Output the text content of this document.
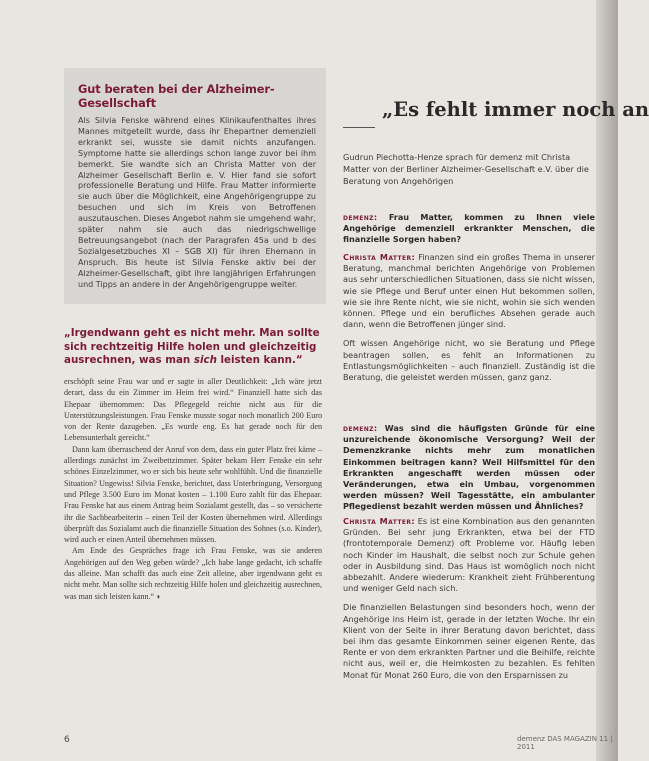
Gut beraten bei der Alzheimer-Gesellschaft

Als Silvia Fenske während eines Klinikaufenthaltes ihres Mannes mitgeteilt wurde, dass ihr Ehepartner demenziell erkrankt sei, wusste sie damit nichts anzufangen. Symptome hatte sie allerdings schon lange zuvor bei ihm bemerkt. Sie wandte sich an Christa Matter von der Alzheimer Gesellschaft Berlin e. V. Hier fand sie sofort professionelle Beratung und Hilfe. Frau Matter informierte sie auch über die Möglichkeit, eine Angehörigengruppe zu besuchen und sich im Kreis von Betroffenen auszutauschen. Dieses Angebot nahm sie umgehend wahr, später nahm sie auch das niedrigschwellige Betreuungsangebot (nach der Paragrafen 45a und b des Sozialgesetzbuches XI – SGB XI) für ihren Ehemann in Anspruch. Bis heute ist Silvia Fenske aktiv bei der Alzheimer-Gesellschaft, gibt ihre langjährigen Erfahrungen und Tipps an andere in der Angehörigengruppe weiter.

„Irgendwann geht es nicht mehr. Man sollte sich rechtzeitig Hilfe holen und gleichzeitig ausrechnen, was man sich leisten kann.“

erschöpft seine Frau war und er sagte in aller Deutlichkeit: „Ich wäre jetzt derart, dass du ein Zimmer im Heim frei wird.“ Finanziell hatte sich das Ehepaar übernommen: Das Pflegegeld reichte nicht aus für die Unterstützungsleistungen. Frau Fenske musste sogar noch monatlich 200 Euro von der Rente dazugeben. „Es wurde eng. Es hat gerade noch für den Lebensunterhalt gereicht.“

Dann kam überraschend der Anruf von dem, dass ein guter Platz frei käme – allerdings zunächst im Zweibettzimmer. Später bekam Herr Fenske ein sehr schönes Einzelzimmer, wo er sich bis heute sehr wohlfühlt. Und die finanzielle Situation? Ungewiss! Silvia Fenske, berichtet, dass Unterbringung, Versorgung und Pflege 3.500 Euro im Monat kosten – 1.100 Euro zahlt für das Ehepaar. Frau Fenske hat aus einem Antrag beim Sozialamt gestellt, das – so versicherte ihr die Sachbearbeiterin – einen Teil der Kosten übernehmen wird. Allerdings überprüft das Sozialamt auch die finanzielle Situation des Sohnes (s.o. Kinder), wird auch er einen Anteil übernehmen müssen.

Am Ende des Gespräches frage ich Frau Fenske, was sie anderen Angehörigen auf den Weg geben würde? „Ich habe lange gedacht, ich schaffe das alleine. Man schafft das auch eine Zeit alleine, aber irgendwann geht es nicht mehr. Man sollte sich rechtzeitig Hilfe holen und gleichzeitig ausrechnen, was man sich leisten kann.“ ◗

„Es fehlt immer noch an
Gudrun Piechotta-Henze sprach für demenz mit Christa Matter von der Berliner Alzheimer-Gesellschaft e.V. über die Beratung von Angehörigen

demenz: Frau Matter, kommen zu Ihnen viele Angehörige demenziell erkrankter Menschen, die finanzielle Sorgen haben?

Christa Matter: Finanzen sind ein großes Thema in unserer Beratung, manchmal berichten Angehörige von Problemen aus sehr unterschiedlichen Situationen, dass sie nicht wissen, wie sie Pflege und Beruf unter einen Hut bekommen sollen, wie sie ihre Rente nicht, wie sie nicht, wohin sie sich wenden können. Pflege und ein berufliches Absehen gerade auch dann, wenn die Betroffenen jünger sind.

Oft wissen Angehörige nicht, wo sie Beratung und Pflege beantragen sollen, es fehlt an Informationen zu Entlastungsmöglichkeiten – auch finanziell. Zuständig ist die Beratung, die geleistet werden müssen, ganz ganz.

demenz: Was sind die häufigsten Gründe für eine unzureichende ökonomische Versorgung? Weil der Demenzkranke nichts mehr zum monatlichen Einkommen beitragen kann? Weil Hilfsmittel für den Erkrankten angeschafft werden müssen oder Veränderungen, etwa ein Umbau, vorgenommen werden müssen? Weil Tagesstätte, ein ambulanter Pflegedienst bezahlt werden müssen und Ähnliches?

Christa Matter: Es ist eine Kombination aus den genannten Gründen. Bei sehr jung Erkrankten, etwa bei der FTD (frontotemporale Demenz) oft Probleme vor. Häufig leben noch Kinder im Haushalt, die selbst noch zur Schule gehen oder in Ausbildung sind. Das Haus ist womöglich noch nicht abbezahlt. Andere wiederum: Krankheit zieht Frühberentung und weniger Geld nach sich.

Die finanziellen Belastungen sind besonders hoch, wenn der Angehörige ins Heim ist, gerade in der letzten Woche. Ihr ein Klient von der Seite in ihrer Beratung davon berichtet, dass bei ihm das gesamte Einkommen seiner eigenen Rente, das Rente er von dem erkrankten Partner und die Beihilfe, reichte nicht aus, weil er, die Heimkosten zu bezahlen. Es fehlten Monat für Monat 260 Euro, die von den Ersparnissen zu

6	demenz DAS MAGAZIN 11 | 2011
